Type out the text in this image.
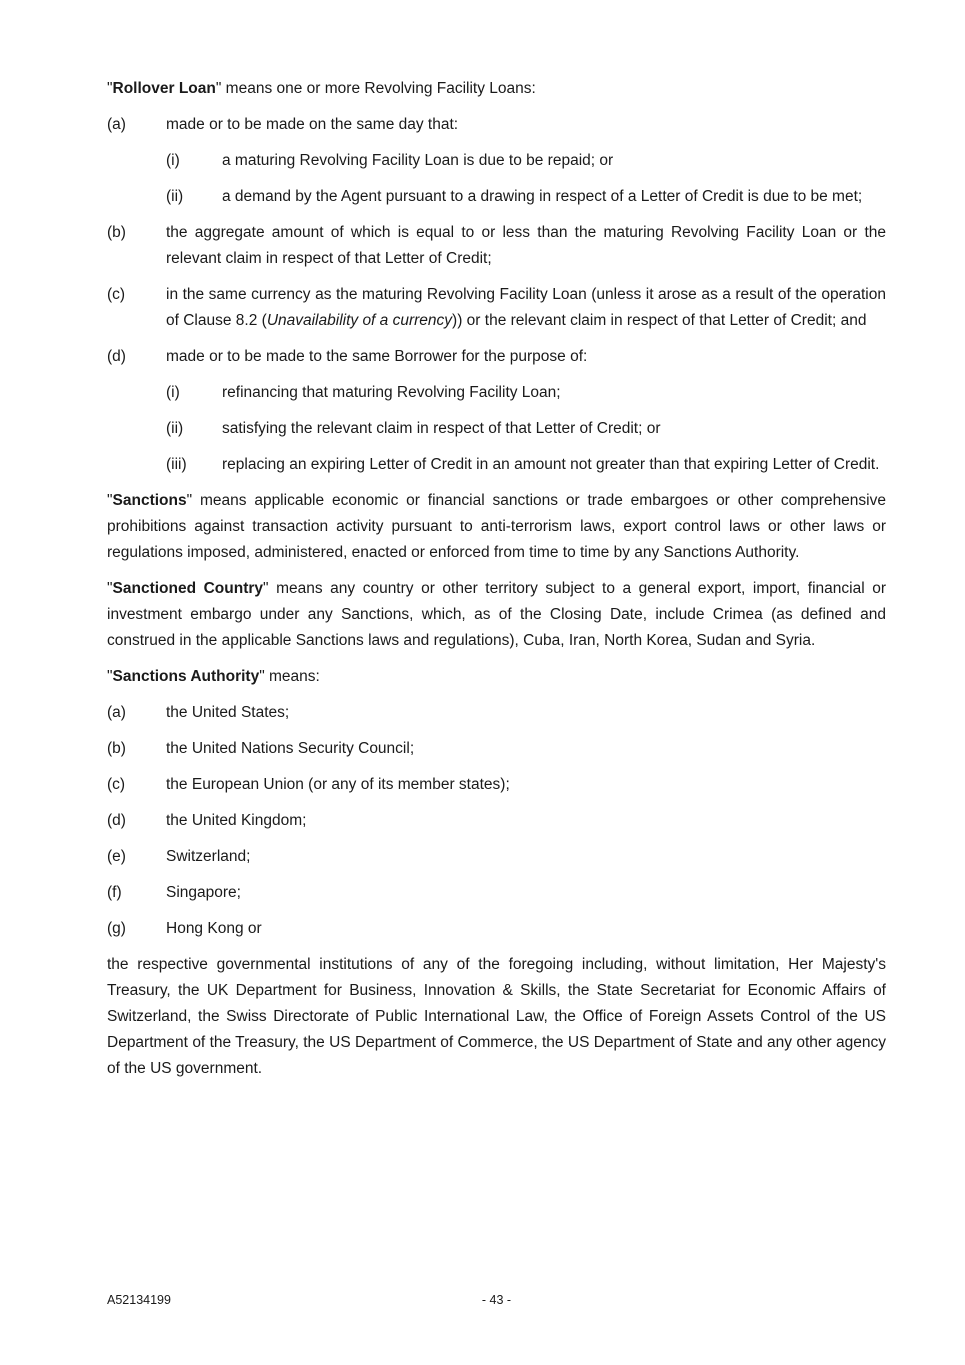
"Rollover Loan" means one or more Revolving Facility Loans:

(a)	made or to be made on the same day that:
(i)	a maturing Revolving Facility Loan is due to be repaid; or
(ii)	a demand by the Agent pursuant to a drawing in respect of a Letter of Credit is due to be met;
(b)	the aggregate amount of which is equal to or less than the maturing Revolving Facility Loan or the relevant claim in respect of that Letter of Credit;
(c)	in the same currency as the maturing Revolving Facility Loan (unless it arose as a result of the operation of Clause 8.2 (Unavailability of a currency)) or the relevant claim in respect of that Letter of Credit; and
(d)	made or to be made to the same Borrower for the purpose of:
(i)	refinancing that maturing Revolving Facility Loan;
(ii)	satisfying the relevant claim in respect of that Letter of Credit; or
(iii)	replacing an expiring Letter of Credit in an amount not greater than that expiring Letter of Credit.

"Sanctions" means applicable economic or financial sanctions or trade embargoes or other comprehensive prohibitions against transaction activity pursuant to anti-terrorism laws, export control laws or other laws or regulations imposed, administered, enacted or enforced from time to time by any Sanctions Authority.

"Sanctioned Country" means any country or other territory subject to a general export, import, financial or investment embargo under any Sanctions, which, as of the Closing Date, include Crimea (as defined and construed in the applicable Sanctions laws and regulations), Cuba, Iran, North Korea, Sudan and Syria.

"Sanctions Authority" means:

(a)	the United States;
(b)	the United Nations Security Council;
(c)	the European Union (or any of its member states);
(d)	the United Kingdom;
(e)	Switzerland;
(f)	Singapore;
(g)	Hong Kong or

the respective governmental institutions of any of the foregoing including, without limitation, Her Majesty's Treasury, the UK Department for Business, Innovation & Skills, the State Secretariat for Economic Affairs of Switzerland, the Swiss Directorate of Public International Law, the Office of Foreign Assets Control of the US Department of the Treasury, the US Department of Commerce, the US Department of State and any other agency of the US government.

A52134199	- 43 -
